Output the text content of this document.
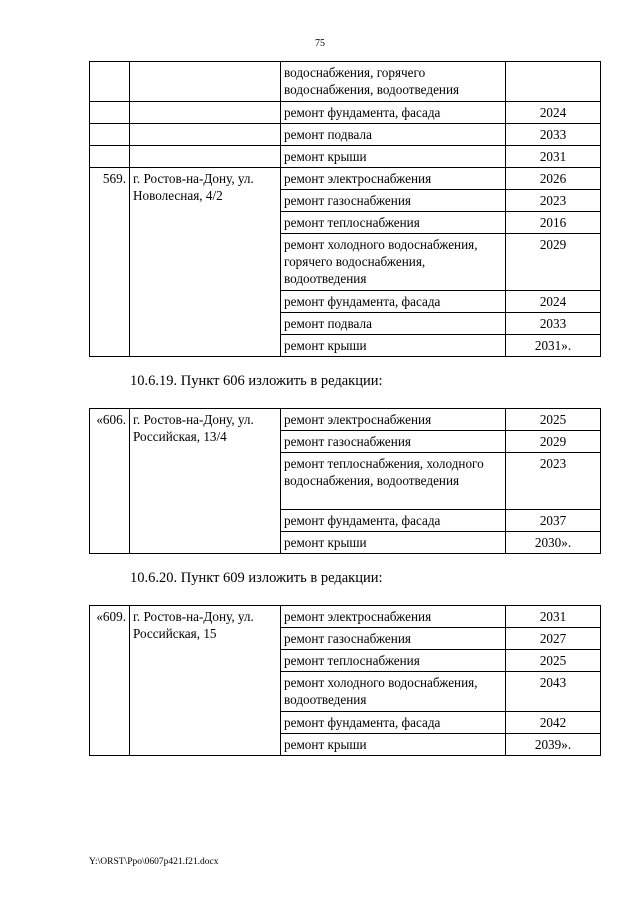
75
		водоснабжения, горячего водоснабжения, водоотведения	
		ремонт фундамента, фасада	2024
		ремонт подвала	2033
		ремонт крыши	2031
569.	г. Ростов-на-Дону, ул. Новолесная, 4/2	ремонт электроснабжения	2026
		ремонт газоснабжения	2023
		ремонт теплоснабжения	2016
		ремонт холодного водоснабжения, горячего водоснабжения, водоотведения	2029
		ремонт фундамента, фасада	2024
		ремонт подвала	2033
		ремонт крыши	2031».
10.6.19. Пункт 606 изложить в редакции:
«606.	г. Ростов-на-Дону, ул. Российская, 13/4	ремонт электроснабжения	2025
		ремонт газоснабжения	2029
		ремонт теплоснабжения, холодного водоснабжения, водоотведения	2023
		ремонт фундамента, фасада	2037
		ремонт крыши	2030».
10.6.20. Пункт 609 изложить в редакции:
«609.	г. Ростов-на-Дону, ул. Российская, 15	ремонт электроснабжения	2031
		ремонт газоснабжения	2027
		ремонт теплоснабжения	2025
		ремонт холодного водоснабжения, водоотведения	2043
		ремонт фундамента, фасада	2042
		ремонт крыши	2039».
Y:\ORST\Ppo\0607p421.f21.docx
